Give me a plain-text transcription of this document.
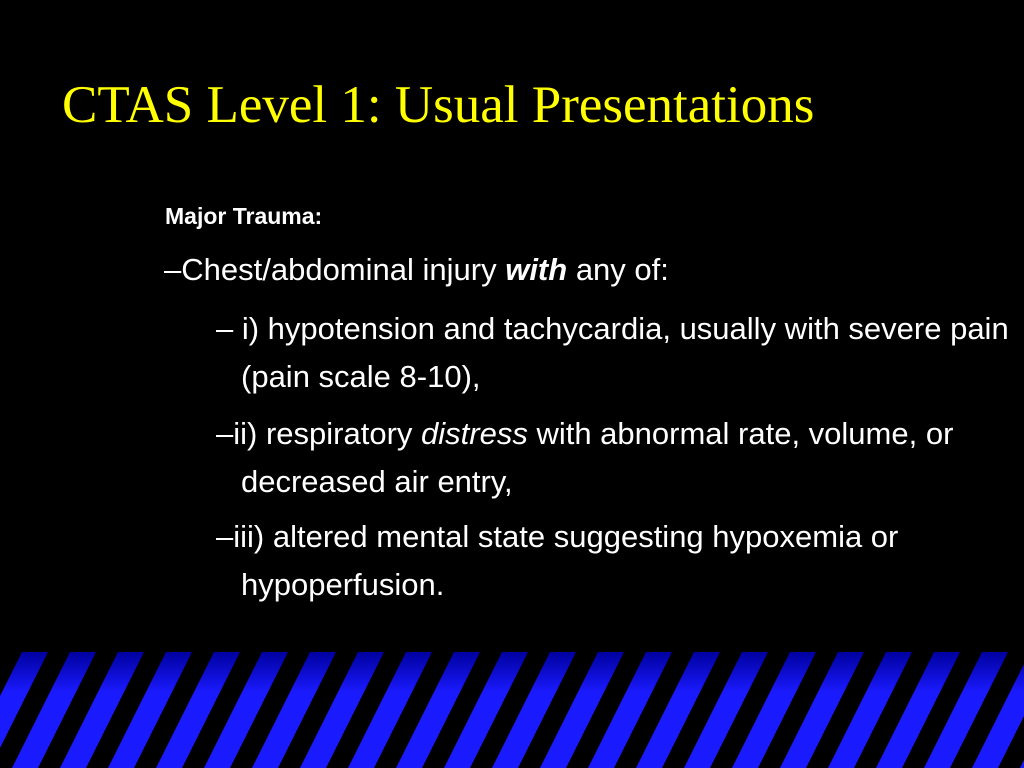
CTAS Level 1: Usual Presentations
Major Trauma:
–Chest/abdominal injury with any of:
– i) hypotension and tachycardia, usually with severe pain (pain scale 8-10),
–ii) respiratory distress with abnormal rate, volume, or decreased air entry,
–iii) altered mental state suggesting hypoxemia or hypoperfusion.
